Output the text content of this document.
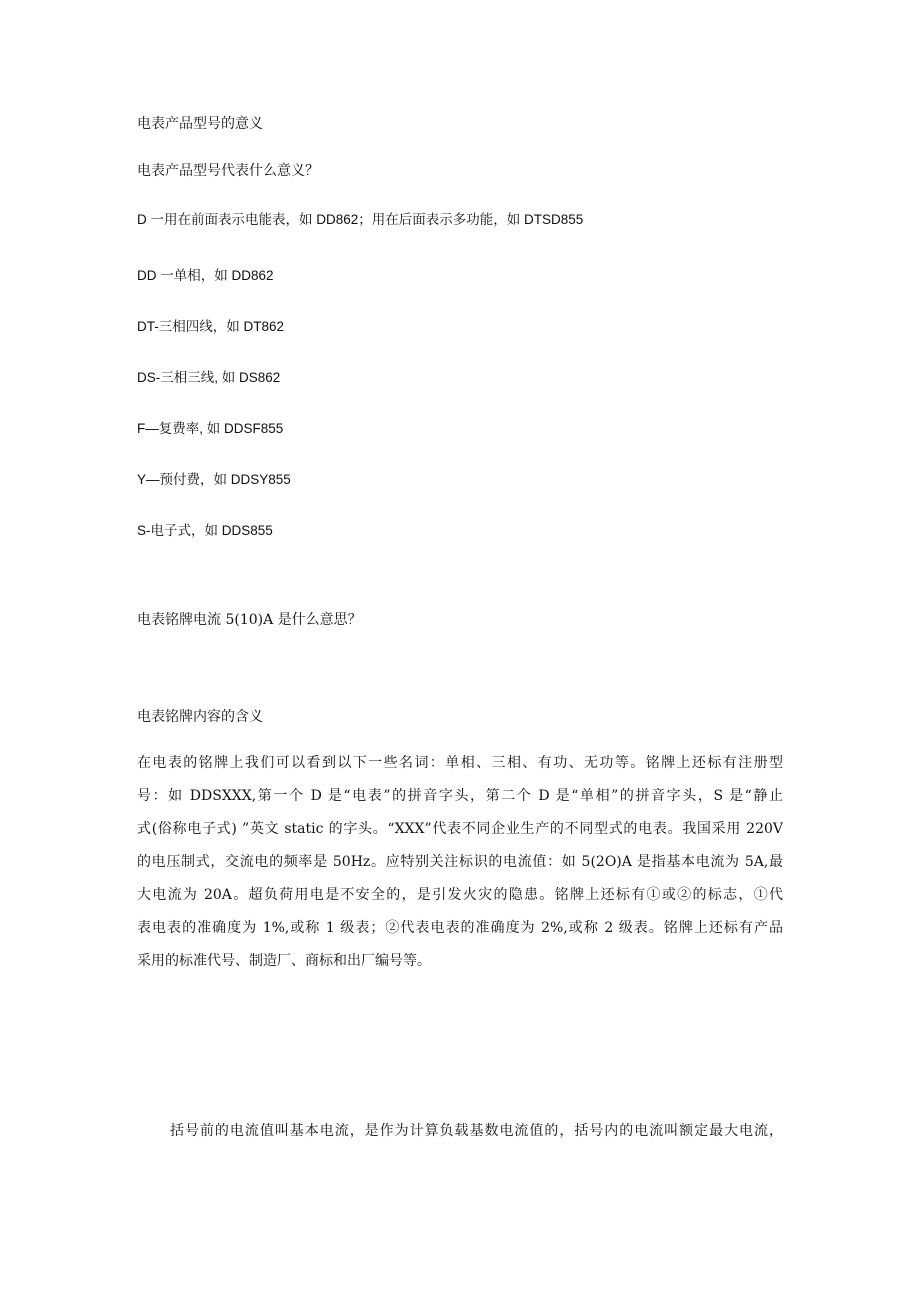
电表产品型号的意义

电表产品型号代表什么意义？

D 一用在前面表示电能表，如 DD862；用在后面表示多功能，如 DTSD855

DD 一单相，如 DD862

DT-三相四线，如 DT862

DS-三相三线, 如 DS862

F—复费率, 如 DDSF855

Y—预付费，如 DDSY855

S-电子式，如 DDS855

电表铭牌电流 5(10)A 是什么意思？

电表铭牌内容的含义

在电表的铭牌上我们可以看到以下一些名词：单相、三相、有功、无功等。铭牌上还标有注册型
号：如 DDSXXX,第一个 D 是“电表”的拼音字头，第二个 D 是“单相”的拼音字头，S 是“静止
式(俗称电子式) ”英文 static 的字头。“XXX”代表不同企业生产的不同型式的电表。我国采用 220V
的电压制式，交流电的频率是 50Hz。应特别关注标识的电流值：如 5(2O)A 是指基本电流为 5A,最
大电流为 20A。超负荷用电是不安全的，是引发火灾的隐患。铭牌上还标有①或②的标志，①代
表电表的准确度为 1%,或称 1 级表；②代表电表的准确度为 2%,或称 2 级表。铭牌上还标有产品
采用的标准代号、制造厂、商标和出厂编号等。

括号前的电流值叫基本电流，是作为计算负载基数电流值的，括号内的电流叫额定最大电流，
